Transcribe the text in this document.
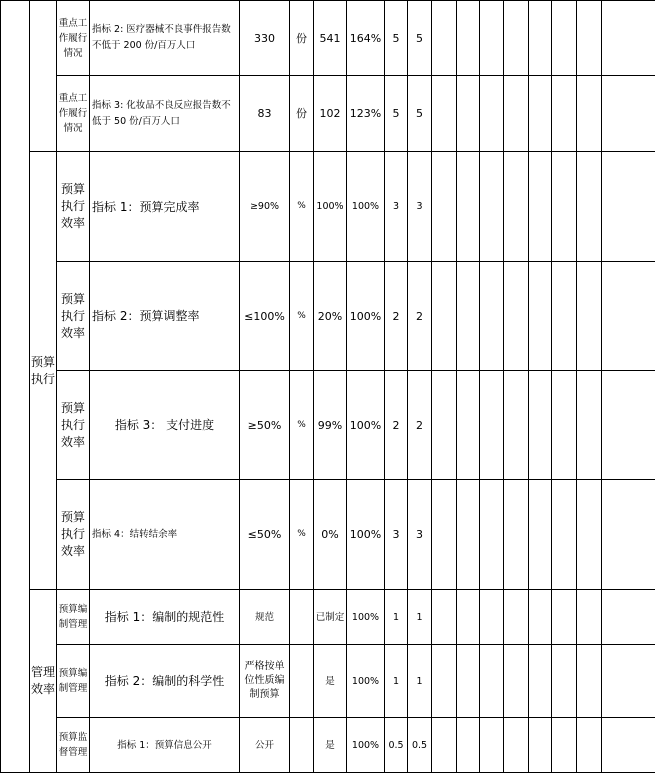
		重点工作履行情况	指标 2: 医疗器械不良事件报告数不低于 200 份/百万人口	330	份	541	164%	5	5								
		重点工作履行情况	指标 3: 化妆品不良反应报告数不低于 50 份/百万人口	83	份	102	123%	5	5								
	预算执行	预算执行效率	指标 1：预算完成率	≥90%	%	100%	100%	3	3								
		预算执行效率	指标 2：预算调整率	≤100%	%	20%	100%	2	2								
		预算执行效率	指标 3： 支付进度	≥50%	%	99%	100%	2	2								
		预算执行效率	指标 4：结转结余率	≤50%	%	0%	100%	3	3								
	管理效率	预算编制管理	指标 1：编制的规范性	规范		已制定	100%	1	1								
		预算编制管理	指标 2：编制的科学性	严格按单位性质编制预算		是	100%	1	1								
		预算监督管理	指标 1：预算信息公开	公开		是	100%	0.5	0.5								
